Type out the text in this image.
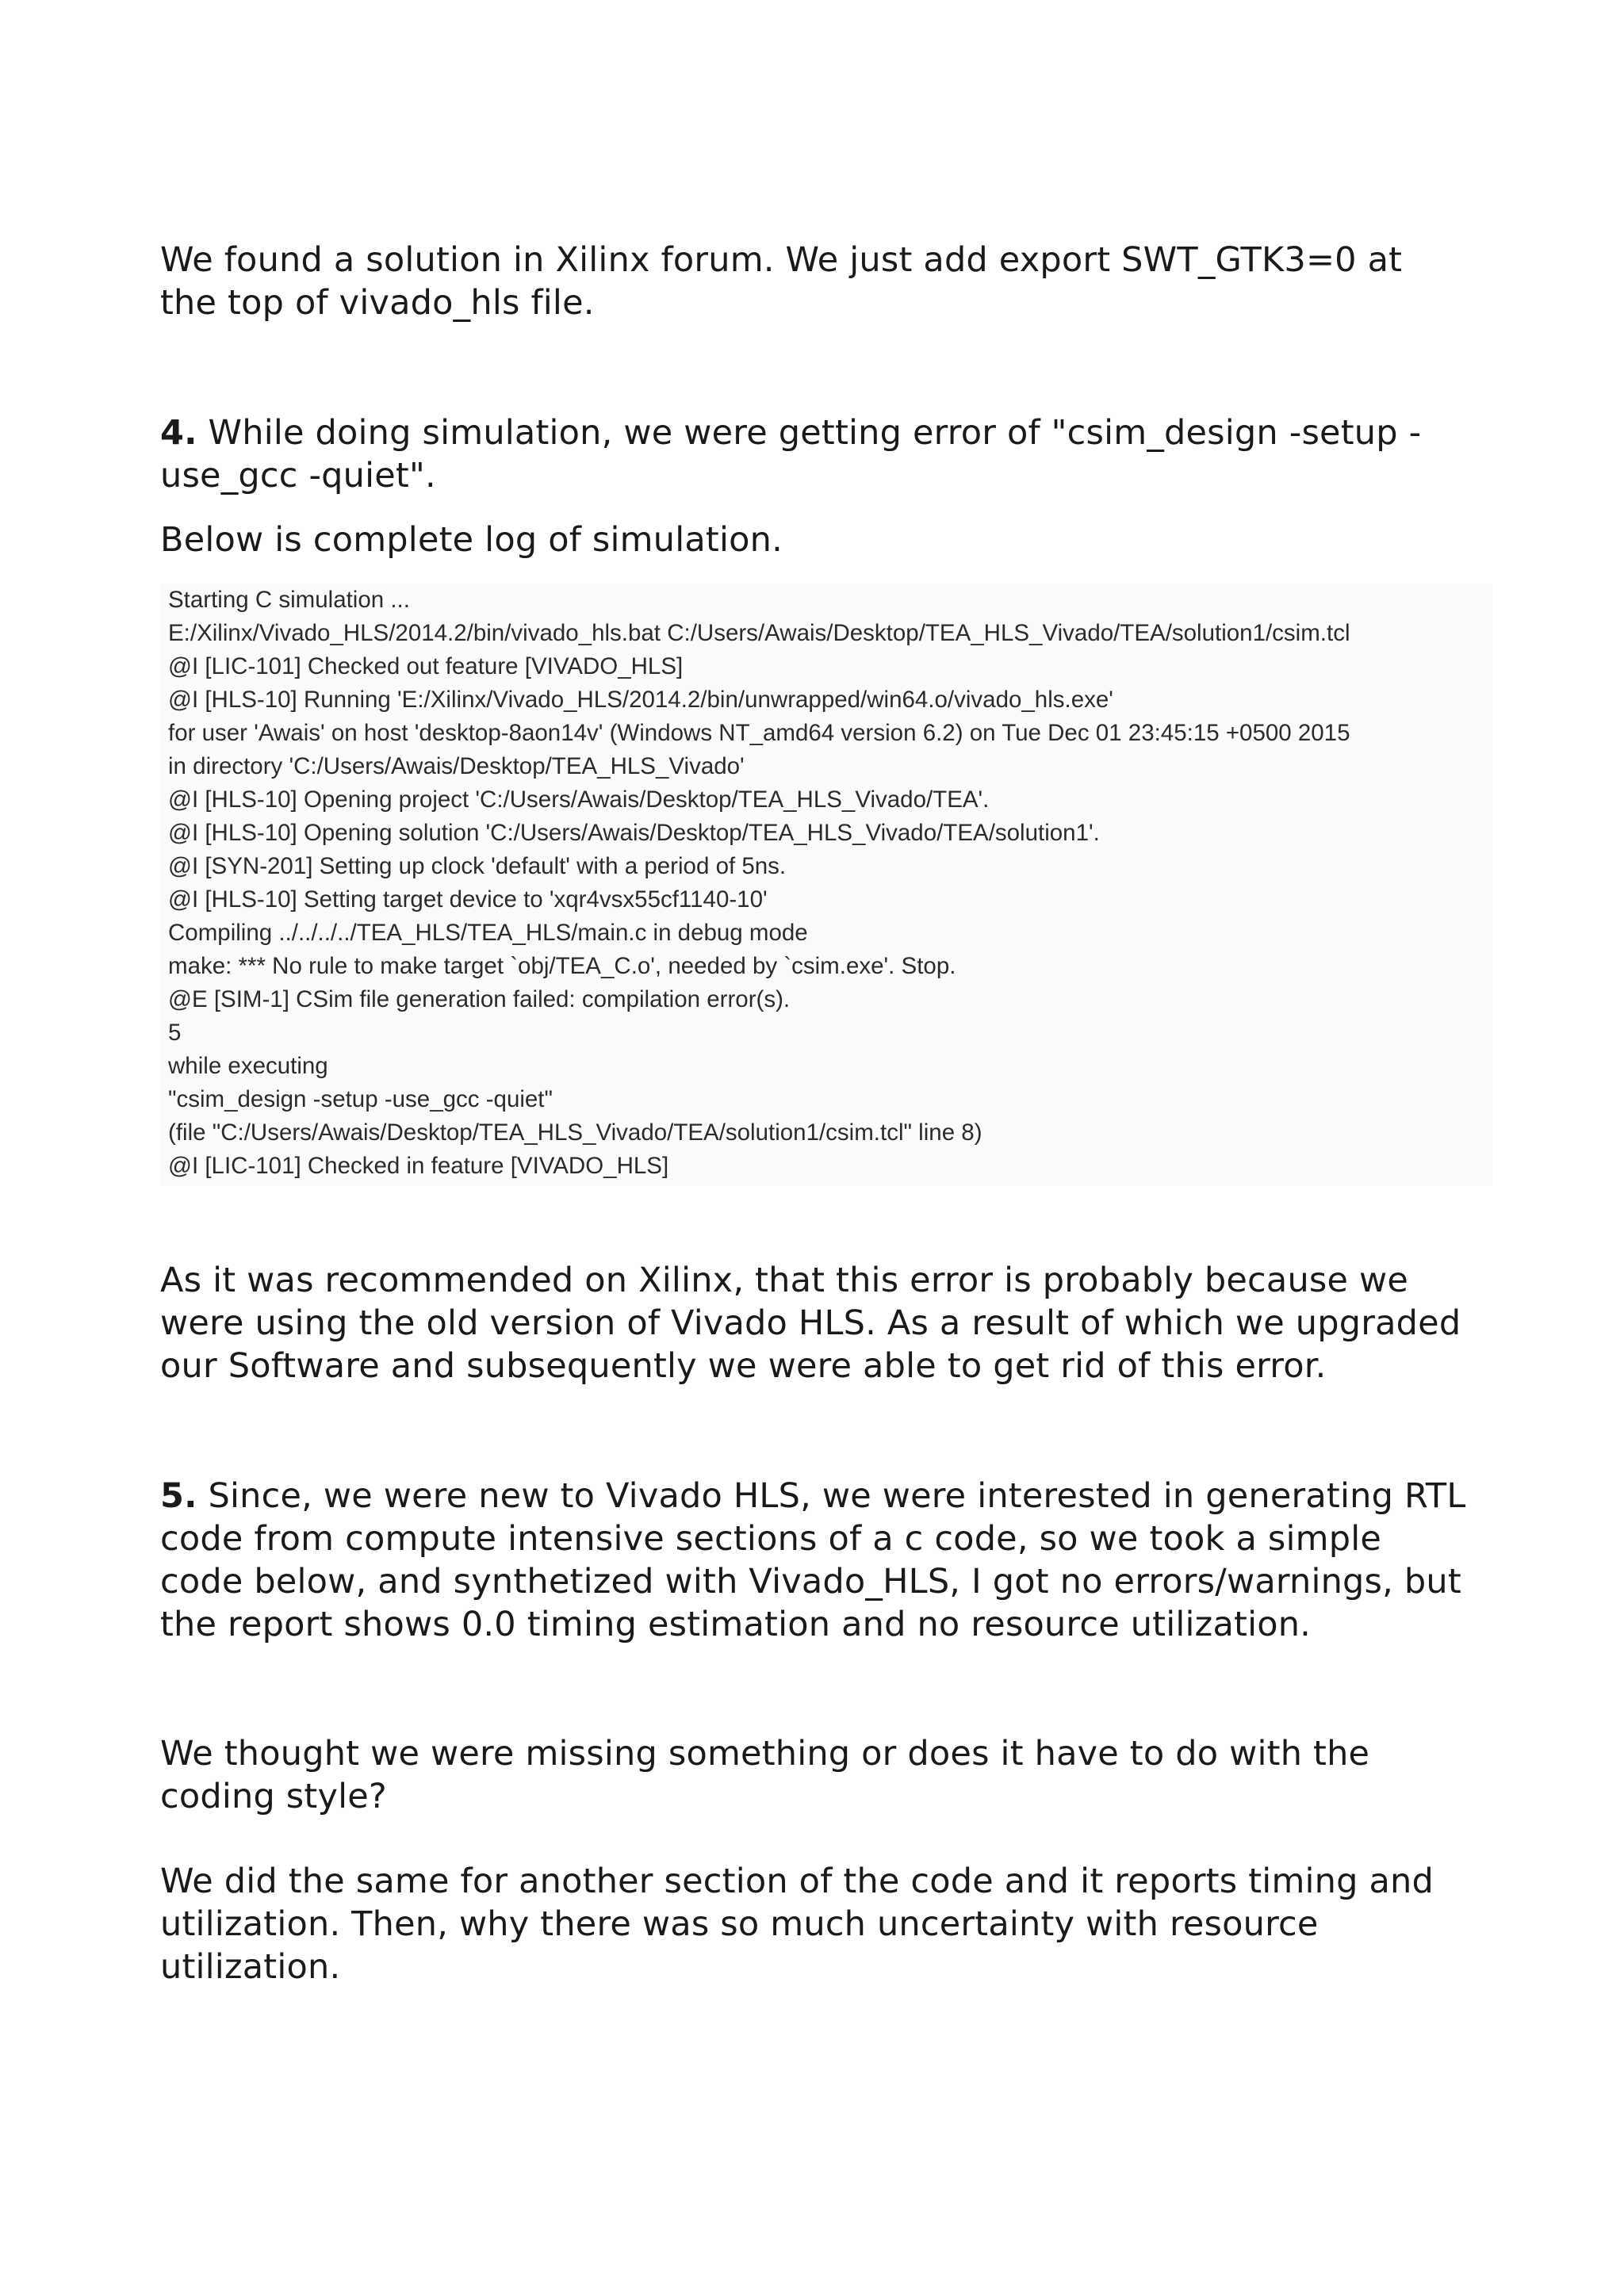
We found a solution in Xilinx forum. We just add export SWT_GTK3=0 at the top of vivado_hls file.

4. While doing simulation, we were getting error of "csim_design -setup -use_gcc -quiet".

Below is complete log of simulation.

Starting C simulation ...
E:/Xilinx/Vivado_HLS/2014.2/bin/vivado_hls.bat C:/Users/Awais/Desktop/TEA_HLS_Vivado/TEA/solution1/csim.tcl
@I [LIC-101] Checked out feature [VIVADO_HLS]
@I [HLS-10] Running 'E:/Xilinx/Vivado_HLS/2014.2/bin/unwrapped/win64.o/vivado_hls.exe'
for user 'Awais' on host 'desktop-8aon14v' (Windows NT_amd64 version 6.2) on Tue Dec 01 23:45:15 +0500 2015
in directory 'C:/Users/Awais/Desktop/TEA_HLS_Vivado'
@I [HLS-10] Opening project 'C:/Users/Awais/Desktop/TEA_HLS_Vivado/TEA'.
@I [HLS-10] Opening solution 'C:/Users/Awais/Desktop/TEA_HLS_Vivado/TEA/solution1'.
@I [SYN-201] Setting up clock 'default' with a period of 5ns.
@I [HLS-10] Setting target device to 'xqr4vsx55cf1140-10'
Compiling ../../../../TEA_HLS/TEA_HLS/main.c in debug mode
make: *** No rule to make target `obj/TEA_C.o', needed by `csim.exe'. Stop.
@E [SIM-1] CSim file generation failed: compilation error(s).
5
while executing
"csim_design -setup -use_gcc -quiet"
(file "C:/Users/Awais/Desktop/TEA_HLS_Vivado/TEA/solution1/csim.tcl" line 8)
@I [LIC-101] Checked in feature [VIVADO_HLS]

As it was recommended on Xilinx, that this error is probably because we were using the old version of Vivado HLS. As a result of which we upgraded our Software and subsequently we were able to get rid of this error.

5. Since, we were new to Vivado HLS, we were interested in generating RTL code from compute intensive sections of a c code, so we took a simple code below, and synthetized with Vivado_HLS, I got no errors/warnings, but the report shows 0.0 timing estimation and no resource utilization.

We thought we were missing something or does it have to do with the coding style?

We did the same for another section of the code and it reports timing and utilization. Then, why there was so much uncertainty with resource utilization.
